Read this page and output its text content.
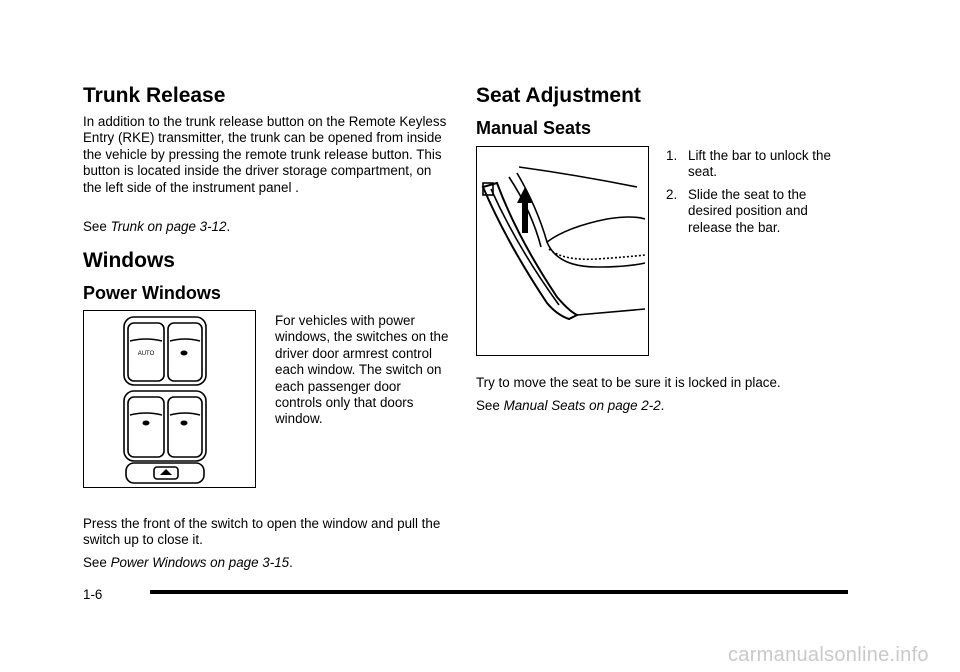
Trunk Release

In addition to the trunk release button on the Remote Keyless Entry (RKE) transmitter, the trunk can be opened from inside the vehicle by pressing the remote trunk release button. This button is located inside the driver storage compartment, on the left side of the instrument panel .

See Trunk on page 3-12.
Windows
Power Windows
AUTO

For vehicles with power windows, the switches on the driver door armrest control each window. The switch on each passenger door controls only that doors window.

Press the front of the switch to open the window and pull the switch up to close it.

See Power Windows on page 3-15.
Seat Adjustment
Manual Seats
1. Lift the bar to unlock the seat.
2. Slide the seat to the desired position and release the bar.

Try to move the seat to be sure it is locked in place.

See Manual Seats on page 2-2.
1-6
carmanualsonline.info
